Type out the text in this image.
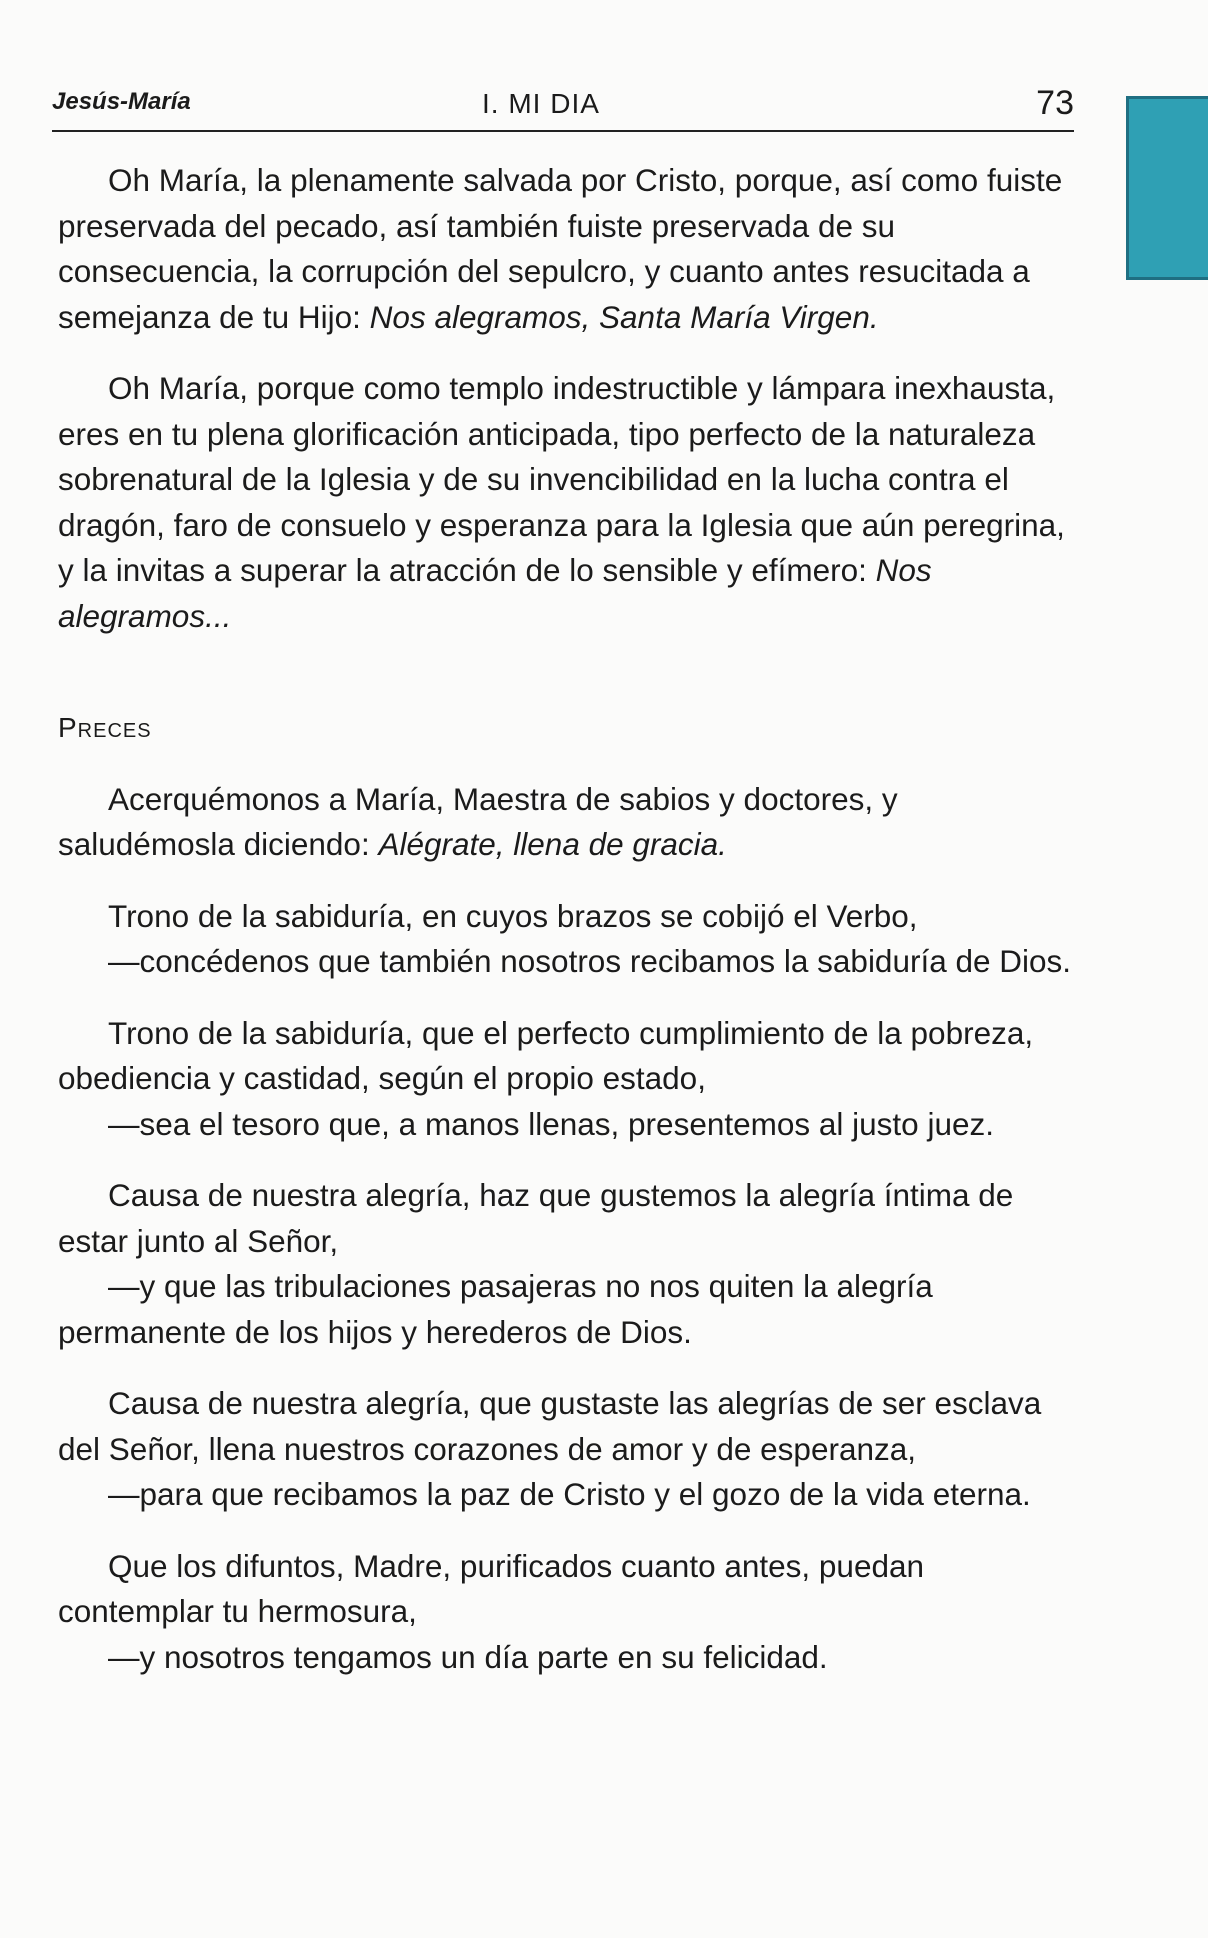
Jesús-María	I. MI DIA	73

Oh María, la plenamente salvada por Cristo, porque, así como fuiste preservada del pecado, así también fuiste preservada de su consecuencia, la corrupción del sepulcro, y cuanto antes resucitada a semejanza de tu Hijo: Nos alegramos, Santa María Virgen.

Oh María, porque como templo indestructible y lámpara inexhausta, eres en tu plena glorificación anticipada, tipo perfecto de la naturaleza sobrenatural de la Iglesia y de su invencibilidad en la lucha contra el dragón, faro de consuelo y esperanza para la Iglesia que aún peregrina, y la invitas a superar la atracción de lo sensible y efímero: Nos alegramos...

Preces

Acerquémonos a María, Maestra de sabios y doctores, y saludémosla diciendo: Alégrate, llena de gracia.

Trono de la sabiduría, en cuyos brazos se cobijó el Verbo,

—concédenos que también nosotros recibamos la sabiduría de Dios.

Trono de la sabiduría, que el perfecto cumplimiento de la pobreza, obediencia y castidad, según el propio estado,

—sea el tesoro que, a manos llenas, presentemos al justo juez.

Causa de nuestra alegría, haz que gustemos la alegría íntima de estar junto al Señor,

—y que las tribulaciones pasajeras no nos quiten la alegría permanente de los hijos y herederos de Dios.

Causa de nuestra alegría, que gustaste las alegrías de ser esclava del Señor, llena nuestros corazones de amor y de esperanza,

—para que recibamos la paz de Cristo y el gozo de la vida eterna.

Que los difuntos, Madre, purificados cuanto antes, puedan contemplar tu hermosura,

—y nosotros tengamos un día parte en su felicidad.
